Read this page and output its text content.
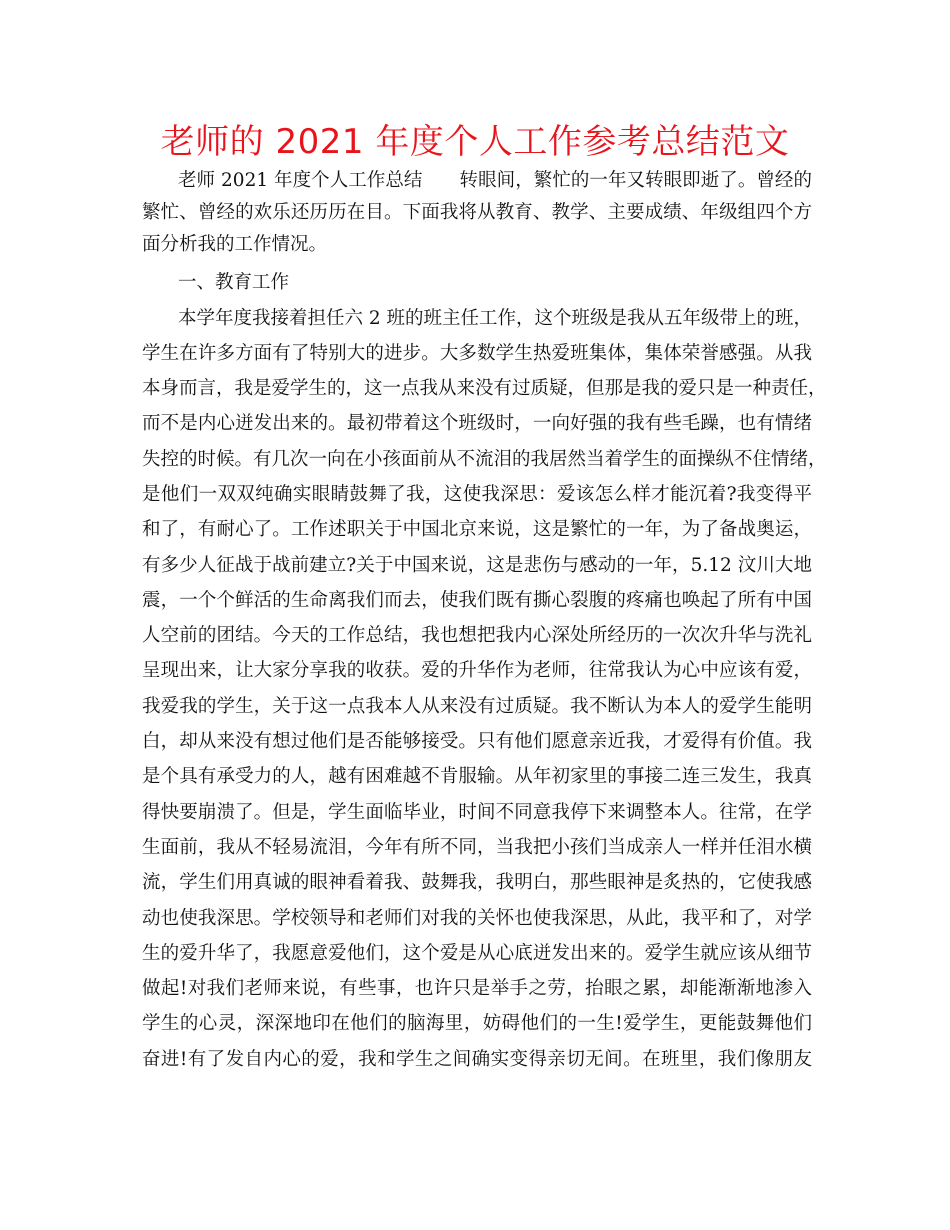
老师的 2021 年度个人工作参考总结范文
老师 2021 年度个人工作总结　　转眼间，繁忙的一年又转眼即逝了。曾经的
繁忙、曾经的欢乐还历历在目。下面我将从教育、教学、主要成绩、年级组四个方
面分析我的工作情况。
一、教育工作
本学年度我接着担任六 2 班的班主任工作，这个班级是我从五年级带上的班，
学生在许多方面有了特别大的进步。大多数学生热爱班集体，集体荣誉感强。从我
本身而言，我是爱学生的，这一点我从来没有过质疑，但那是我的爱只是一种责任，
而不是内心迸发出来的。最初带着这个班级时，一向好强的我有些毛躁，也有情绪
失控的时候。有几次一向在小孩面前从不流泪的我居然当着学生的面操纵不住情绪，
是他们一双双纯确实眼睛鼓舞了我，这使我深思：爱该怎么样才能沉着?我变得平
和了，有耐心了。工作述职关于中国北京来说，这是繁忙的一年，为了备战奥运，
有多少人征战于战前建立?关于中国来说，这是悲伤与感动的一年，5.12 汶川大地
震，一个个鲜活的生命离我们而去，使我们既有撕心裂腹的疼痛也唤起了所有中国
人空前的团结。今天的工作总结，我也想把我内心深处所经历的一次次升华与洗礼
呈现出来，让大家分享我的收获。爱的升华作为老师，往常我认为心中应该有爱，
我爱我的学生，关于这一点我本人从来没有过质疑。我不断认为本人的爱学生能明
白，却从来没有想过他们是否能够接受。只有他们愿意亲近我，才爱得有价值。我
是个具有承受力的人，越有困难越不肯服输。从年初家里的事接二连三发生，我真
得快要崩溃了。但是，学生面临毕业，时间不同意我停下来调整本人。往常，在学
生面前，我从不轻易流泪，今年有所不同，当我把小孩们当成亲人一样并任泪水横
流，学生们用真诚的眼神看着我、鼓舞我，我明白，那些眼神是炙热的，它使我感
动也使我深思。学校领导和老师们对我的关怀也使我深思，从此，我平和了，对学
生的爱升华了，我愿意爱他们，这个爱是从心底迸发出来的。爱学生就应该从细节
做起!对我们老师来说，有些事，也许只是举手之劳，抬眼之累，却能渐渐地渗入
学生的心灵，深深地印在他们的脑海里，妨碍他们的一生!爱学生，更能鼓舞他们
奋进!有了发自内心的爱，我和学生之间确实变得亲切无间。在班里，我们像朋友
